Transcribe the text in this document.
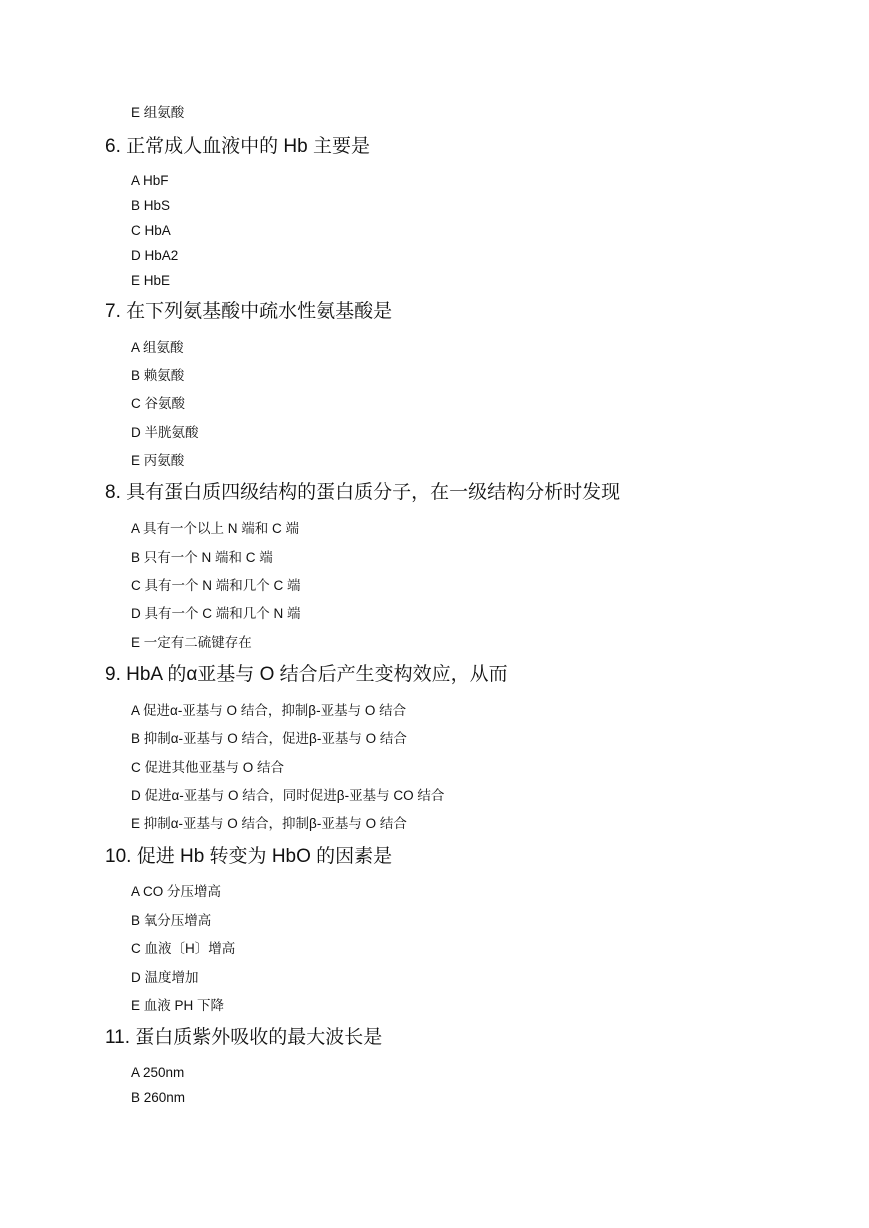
E 组氨酸
6. 正常成人血液中的 Hb 主要是
A HbF
B HbS
C HbA
D HbA2
E HbE
7. 在下列氨基酸中疏水性氨基酸是
A 组氨酸
B 赖氨酸
C 谷氨酸
D 半胱氨酸
E 丙氨酸
8. 具有蛋白质四级结构的蛋白质分子，在一级结构分析时发现
A 具有一个以上 N 端和 C 端
B 只有一个 N 端和 C 端
C 具有一个 N 端和几个 C 端
D 具有一个 C 端和几个 N 端
E 一定有二硫键存在
9. HbA 的α亚基与 O 结合后产生变构效应，从而
A 促进α-亚基与 O 结合，抑制β-亚基与 O 结合
B 抑制α-亚基与 O 结合，促进β-亚基与 O 结合
C 促进其他亚基与 O 结合
D 促进α-亚基与 O 结合，同时促进β-亚基与 CO 结合
E 抑制α-亚基与 O 结合，抑制β-亚基与 O 结合
10. 促进 Hb 转变为 HbO 的因素是
A CO 分压增高
B 氧分压增高
C 血液〔H〕增高
D 温度增加
E 血液 PH 下降
11. 蛋白质紫外吸收的最大波长是
A 250nm
B 260nm
